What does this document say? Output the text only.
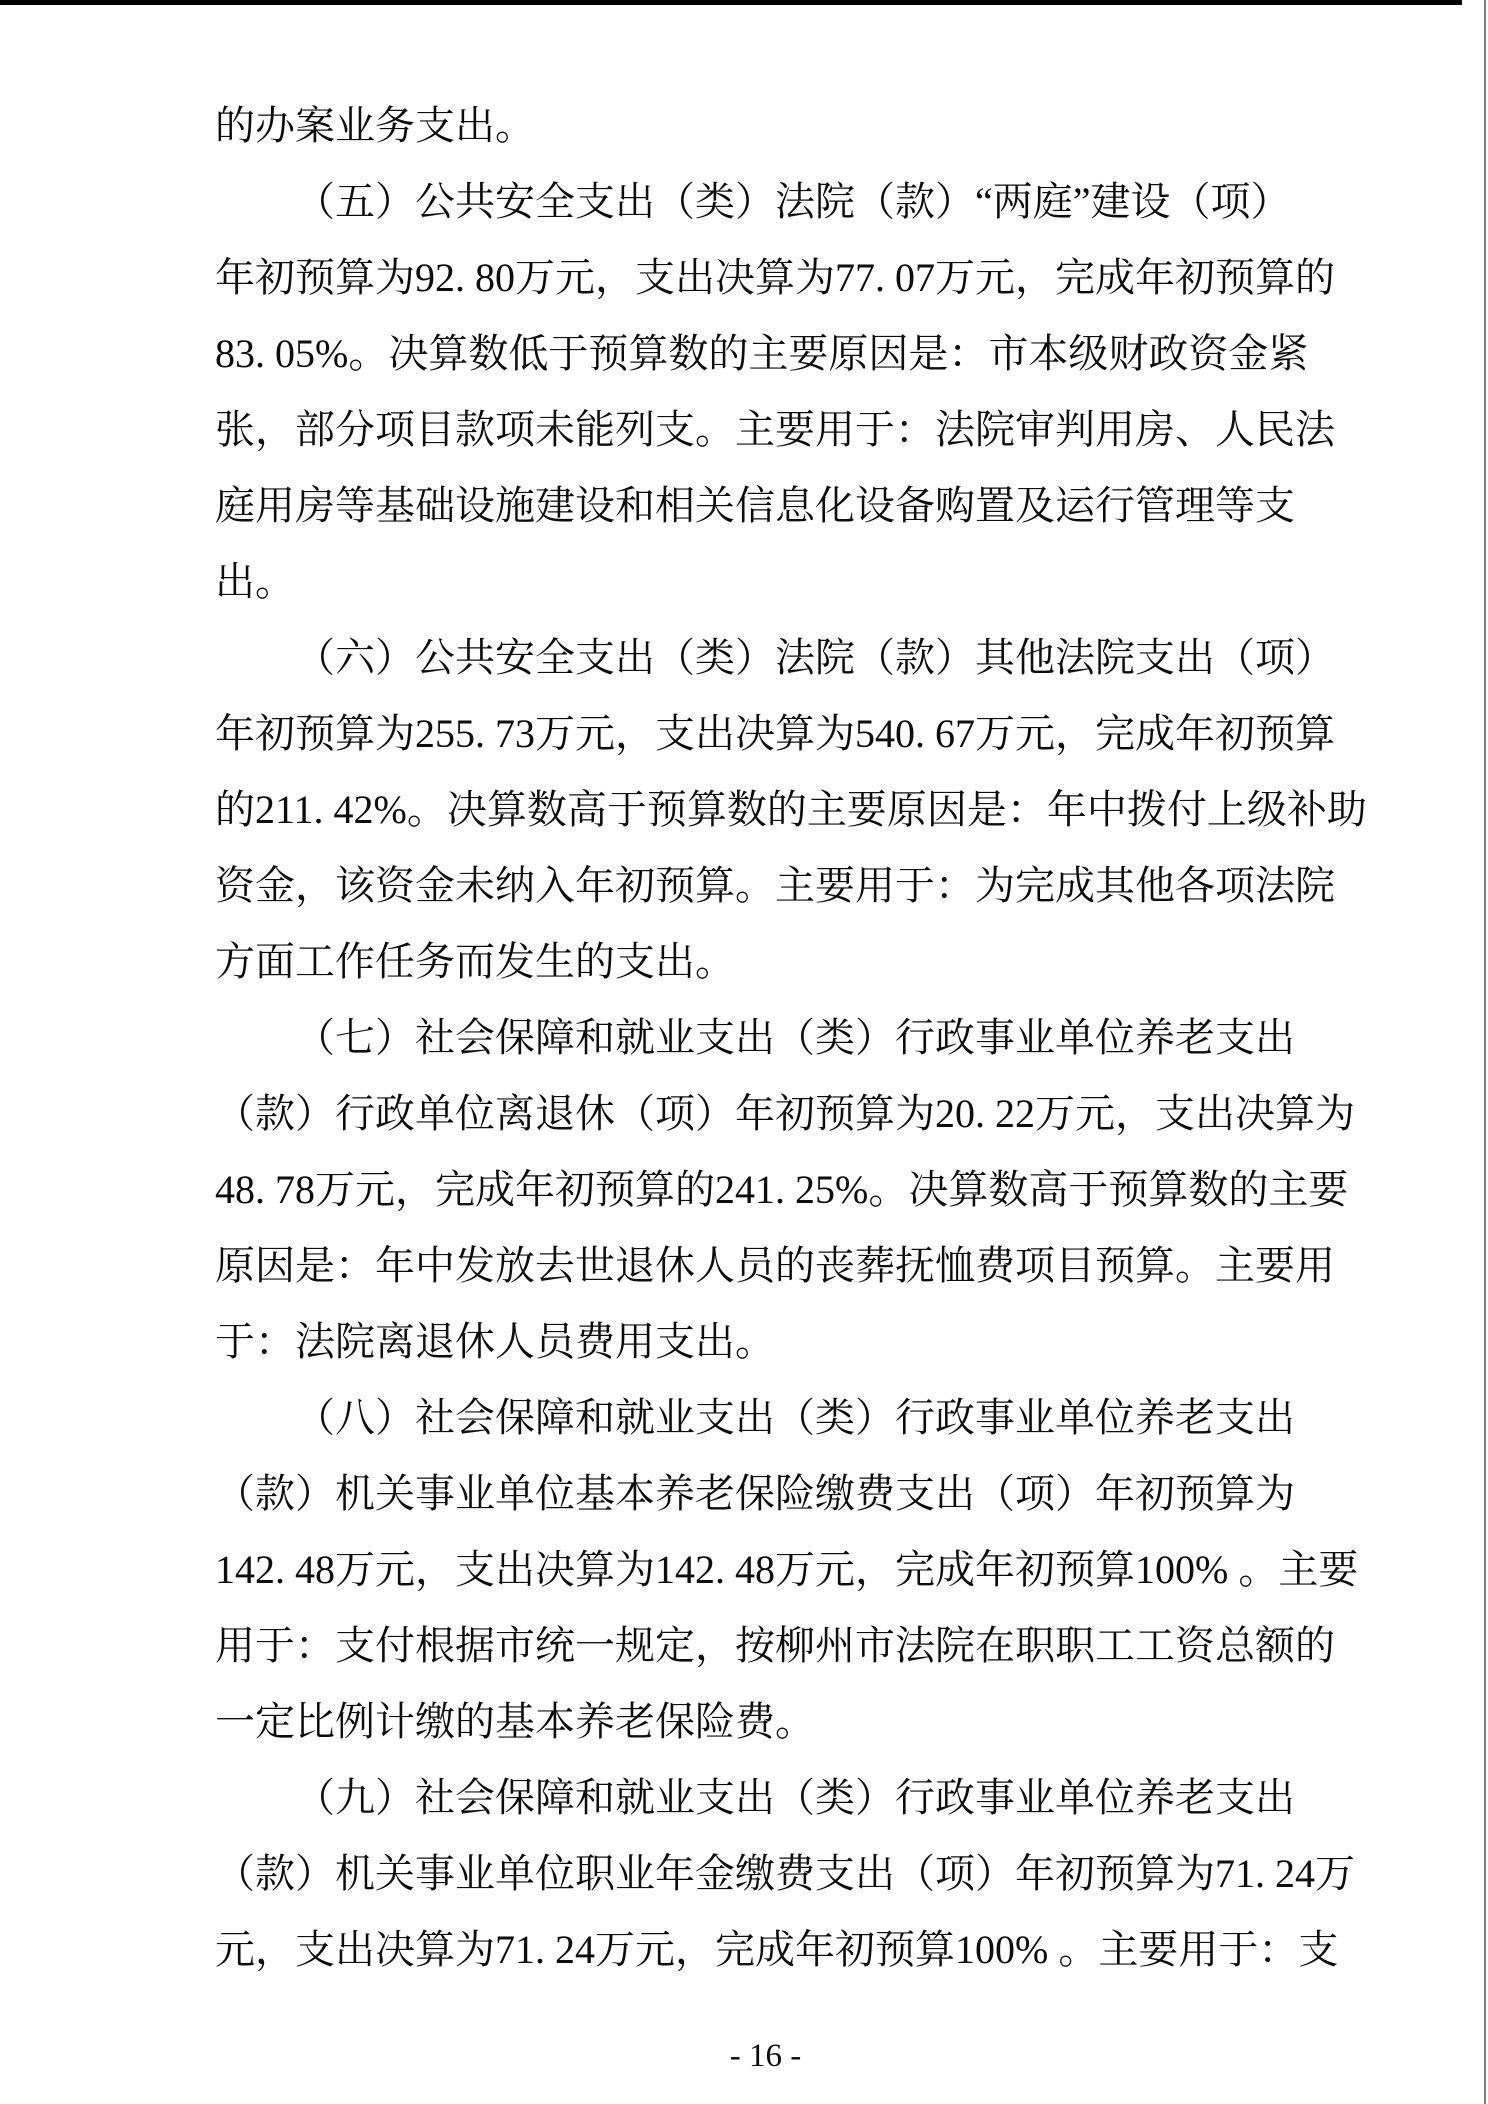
的办案业务支出。
（五）公共安全支出（类）法院（款）“两庭”建设（项）
年初预算为92. 80万元，支出决算为77. 07万元，完成年初预算的
83. 05%。决算数低于预算数的主要原因是：市本级财政资金紧
张，部分项目款项未能列支。主要用于：法院审判用房、人民法
庭用房等基础设施建设和相关信息化设备购置及运行管理等支
出。
（六）公共安全支出（类）法院（款）其他法院支出（项）
年初预算为255. 73万元，支出决算为540. 67万元，完成年初预算
的211. 42%。决算数高于预算数的主要原因是：年中拨付上级补助
资金，该资金未纳入年初预算。主要用于：为完成其他各项法院
方面工作任务而发生的支出。
（七）社会保障和就业支出（类）行政事业单位养老支出
（款）行政单位离退休（项）年初预算为20. 22万元，支出决算为
48. 78万元，完成年初预算的241. 25%。决算数高于预算数的主要
原因是：年中发放去世退休人员的丧葬抚恤费项目预算。主要用
于：法院离退休人员费用支出。
（八）社会保障和就业支出（类）行政事业单位养老支出
（款）机关事业单位基本养老保险缴费支出（项）年初预算为
142. 48万元，支出决算为142. 48万元，完成年初预算100% 。主要
用于：支付根据市统一规定，按柳州市法院在职职工工资总额的
一定比例计缴的基本养老保险费。
（九）社会保障和就业支出（类）行政事业单位养老支出
（款）机关事业单位职业年金缴费支出（项）年初预算为71. 24万
元，支出决算为71. 24万元，完成年初预算100% 。主要用于：支
- 16 -
